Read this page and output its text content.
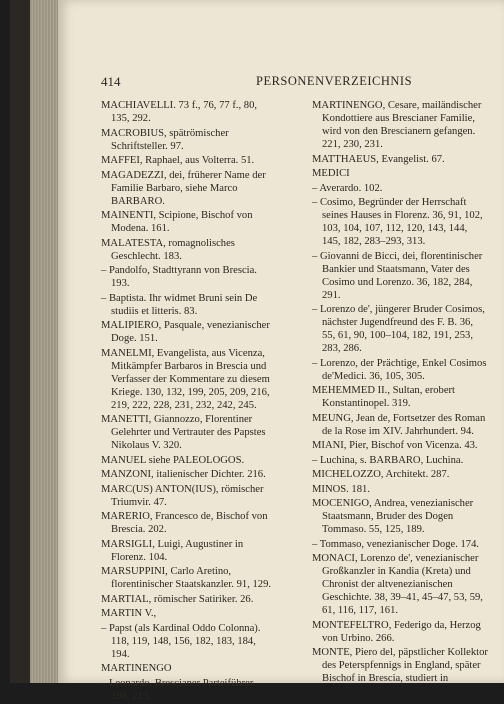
414	PERSONENVERZEICHNIS
MACHIAVELLI. 73 f., 76, 77 f., 80, 135, 292.
MACROBIUS, spätrömischer Schriftsteller. 97.
MAFFEI, Raphael, aus Volterra. 51.
MAGADEZZI, dei, früherer Name der Familie Barbaro, siehe Marco BARBARO.
MAINENTI, Scipione, Bischof von Modena. 161.
MALATESTA, romagnolisches Geschlecht. 183.
– Pandolfo, Stadttyrann von Brescia. 193.
– Baptista. Ihr widmet Bruni sein De studiis et litteris. 83.
MALIPIERO, Pasquale, venezianischer Doge. 151.
MANELMI, Evangelista, aus Vicenza, Mitkämpfer Barbaros in Brescia und Verfasser der Kommentare zu diesem Kriege. 130, 132, 199, 205, 209, 216, 219, 222, 228, 231, 232, 242, 245.
MANETTI, Giannozzo, Florentiner Gelehrter und Vertrauter des Papstes Nikolaus V. 320.
MANUEL siehe PALEOLOGOS.
MANZONI, italienischer Dichter. 216.
MARC(US) ANTON(IUS), römischer Triumvir. 47.
MARERIO, Francesco de, Bischof von Brescia. 202.
MARSIGLI, Luigi, Augustiner in Florenz. 104.
MARSUPPINI, Carlo Aretino, florentinischer Staatskanzler. 91, 129.
MARTIAL, römischer Satiriker. 26.
MARTIN V.,
– Papst (als Kardinal Oddo Colonna). 118, 119, 148, 156, 182, 183, 184, 194.
MARTINENGO
– Leonardo, Brescianer Parteiführer. 198, 213.
MARTINENGO, Cesare, mailändischer Kondottiere aus Brescianer Familie, wird von den Brescianern gefangen. 221, 230, 231.
MATTHAEUS, Evangelist. 67.
MEDICI
– Averardo. 102.
– Cosimo, Begründer der Herrschaft seines Hauses in Florenz. 36, 91, 102, 103, 104, 107, 112, 120, 143, 144, 145, 182, 283–293, 313.
– Giovanni de Bicci, dei, florentinischer Bankier und Staatsmann, Vater des Cosimo und Lorenzo. 36, 182, 284, 291.
– Lorenzo de', jüngerer Bruder Cosimos, nächster Jugendfreund des F. B. 36, 55, 61, 90, 100–104, 182, 191, 253, 283, 286.
– Lorenzo, der Prächtige, Enkel Cosimos de'Medici. 36, 105, 305.
MEHEMMED II., Sultan, erobert Konstantinopel. 319.
MEUNG, Jean de, Fortsetzer des Roman de la Rose im XIV. Jahrhundert. 94.
MIANI, Pier, Bischof von Vicenza. 43.
– Luchina, s. BARBARO, Luchina.
MICHELOZZO, Architekt. 287.
MINOS. 181.
MOCENIGO, Andrea, venezianischer Staatsmann, Bruder des Dogen Tommaso. 55, 125, 189.
– Tommaso, venezianischer Doge. 174.
MONACI, Lorenzo de', venezianischer Großkanzler in Kandia (Kreta) und Chronist der altvenezianischen Geschichte. 38, 39–41, 45–47, 53, 59, 61, 116, 117, 161.
MONTEFELTRO, Federigo da, Herzog von Urbino. 266.
MONTE, Piero del, päpstlicher Kollektor des Peterspfennigs in England, später Bischof in Brescia, studiert in
